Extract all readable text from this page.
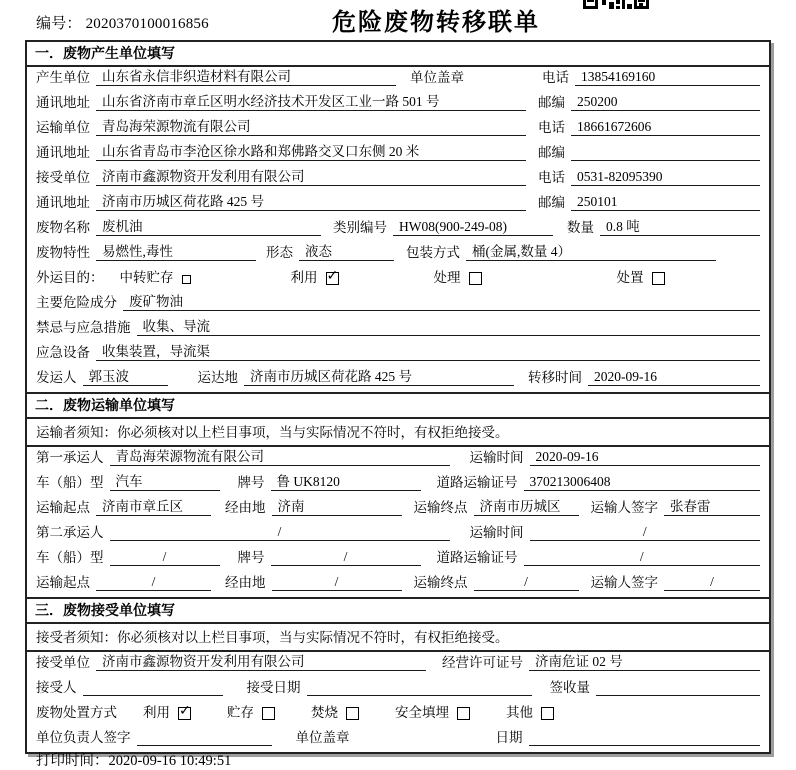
编号： 2020370100016856	危险废物转移联单
一．废物产生单位填写
产生单位 山东省永信非织造材料有限公司	单位盖章	电话 13854169160
通讯地址 山东省济南市章丘区明水经济技术开发区工业一路 501 号	邮编 250200
运输单位 青岛海荣源物流有限公司	电话 18661672606
通讯地址 山东省青岛市李沧区徐水路和郑佛路交叉口东侧 20 米	邮编
接受单位 济南市鑫源物资开发利用有限公司	电话 0531-82095390
通讯地址 济南市历城区荷花路 425 号	邮编 250101
废物名称 废机油	类别编号 HW08(900-249-08)	数量 0.8 吨
废物特性 易燃性,毒性	形态 液态	包装方式 桶(金属,数量 4）
外运目的： 中转贮存	利用 ✓	处理	处置
主要危险成分 废矿物油
禁忌与应急措施 收集、导流
应急设备 收集装置，导流渠
发运人 郭玉波	运达地 济南市历城区荷花路 425 号	转移时间 2020-09-16
二．废物运输单位填写
运输者须知：你必须核对以上栏目事项，当与实际情况不符时，有权拒绝接受。
第一承运人 青岛海荣源物流有限公司	运输时间 2020-09-16
车（船）型 汽车	牌号 鲁 UK8120	道路运输证号 370213006408
运输起点 济南市章丘区	经由地 济南	运输终点 济南市历城区	运输人签字 张春雷
第二承运人	/	运输时间	/
车（船）型	/	牌号	/	道路运输证号	/
运输起点	/	经由地	/	运输终点	/	运输人签字	/
三．废物接受单位填写
接受者须知：你必须核对以上栏目事项，当与实际情况不符时，有权拒绝接受。
接受单位 济南市鑫源物资开发利用有限公司	经营许可证号 济南危证 02 号
接受人	接受日期	签收量
废物处置方式 利用 ✓	贮存	焚烧	安全填埋	其他
单位负责人签字	单位盖章	日期
打印时间：2020-09-16 10:49:51
